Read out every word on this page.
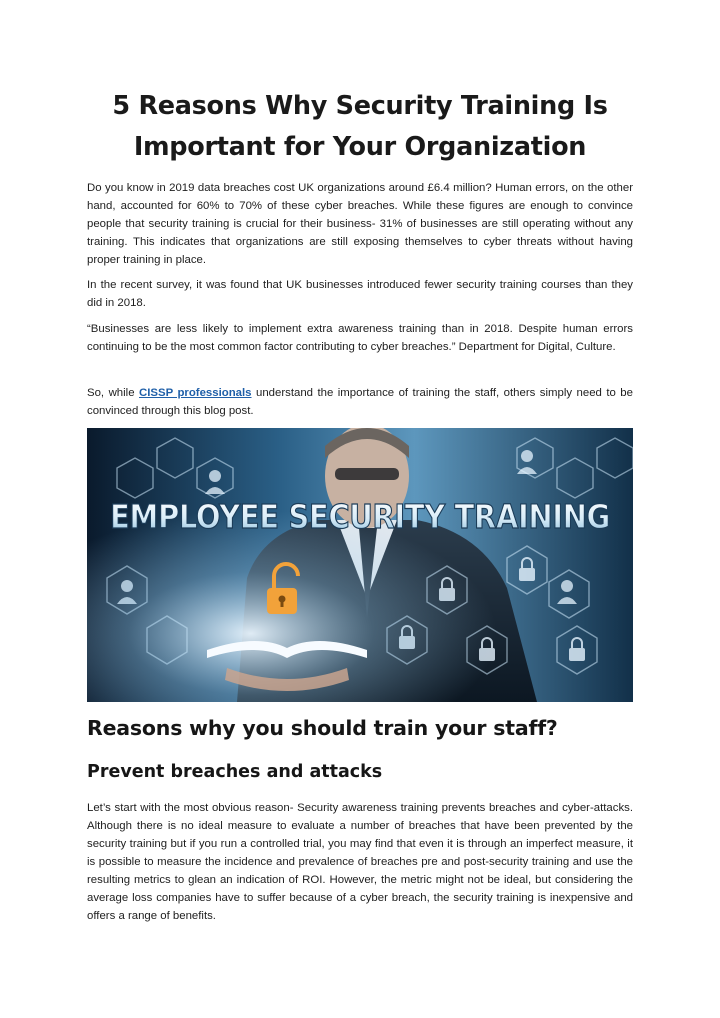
5 Reasons Why Security Training Is
Important for Your Organization

Do you know in 2019 data breaches cost UK organizations around £6.4 million? Human errors, on the other hand, accounted for 60% to 70% of these cyber breaches. While these figures are enough to convince people that security training is crucial for their business- 31% of businesses are still operating without any training. This indicates that organizations are still exposing themselves to cyber threats without having proper training in place.

In the recent survey, it was found that UK businesses introduced fewer security training courses than they did in 2018.

“Businesses are less likely to implement extra awareness training than in 2018. Despite human errors continuing to be the most common factor contributing to cyber breaches.” Department for Digital, Culture.

So, while CISSP professionals understand the importance of training the staff, others simply need to be convinced through this blog post.

EMPLOYEE SECURITY TRAINING
Reasons why you should train your staff?
Prevent breaches and attacks

Let’s start with the most obvious reason- Security awareness training prevents breaches and cyber-attacks. Although there is no ideal measure to evaluate a number of breaches that have been prevented by the security training but if you run a controlled trial, you may find that even it is through an imperfect measure, it is possible to measure the incidence and prevalence of breaches pre and post-security training and use the resulting metrics to glean an indication of ROI. However, the metric might not be ideal, but considering the average loss companies have to suffer because of a cyber breach, the security training is inexpensive and offers a range of benefits.
